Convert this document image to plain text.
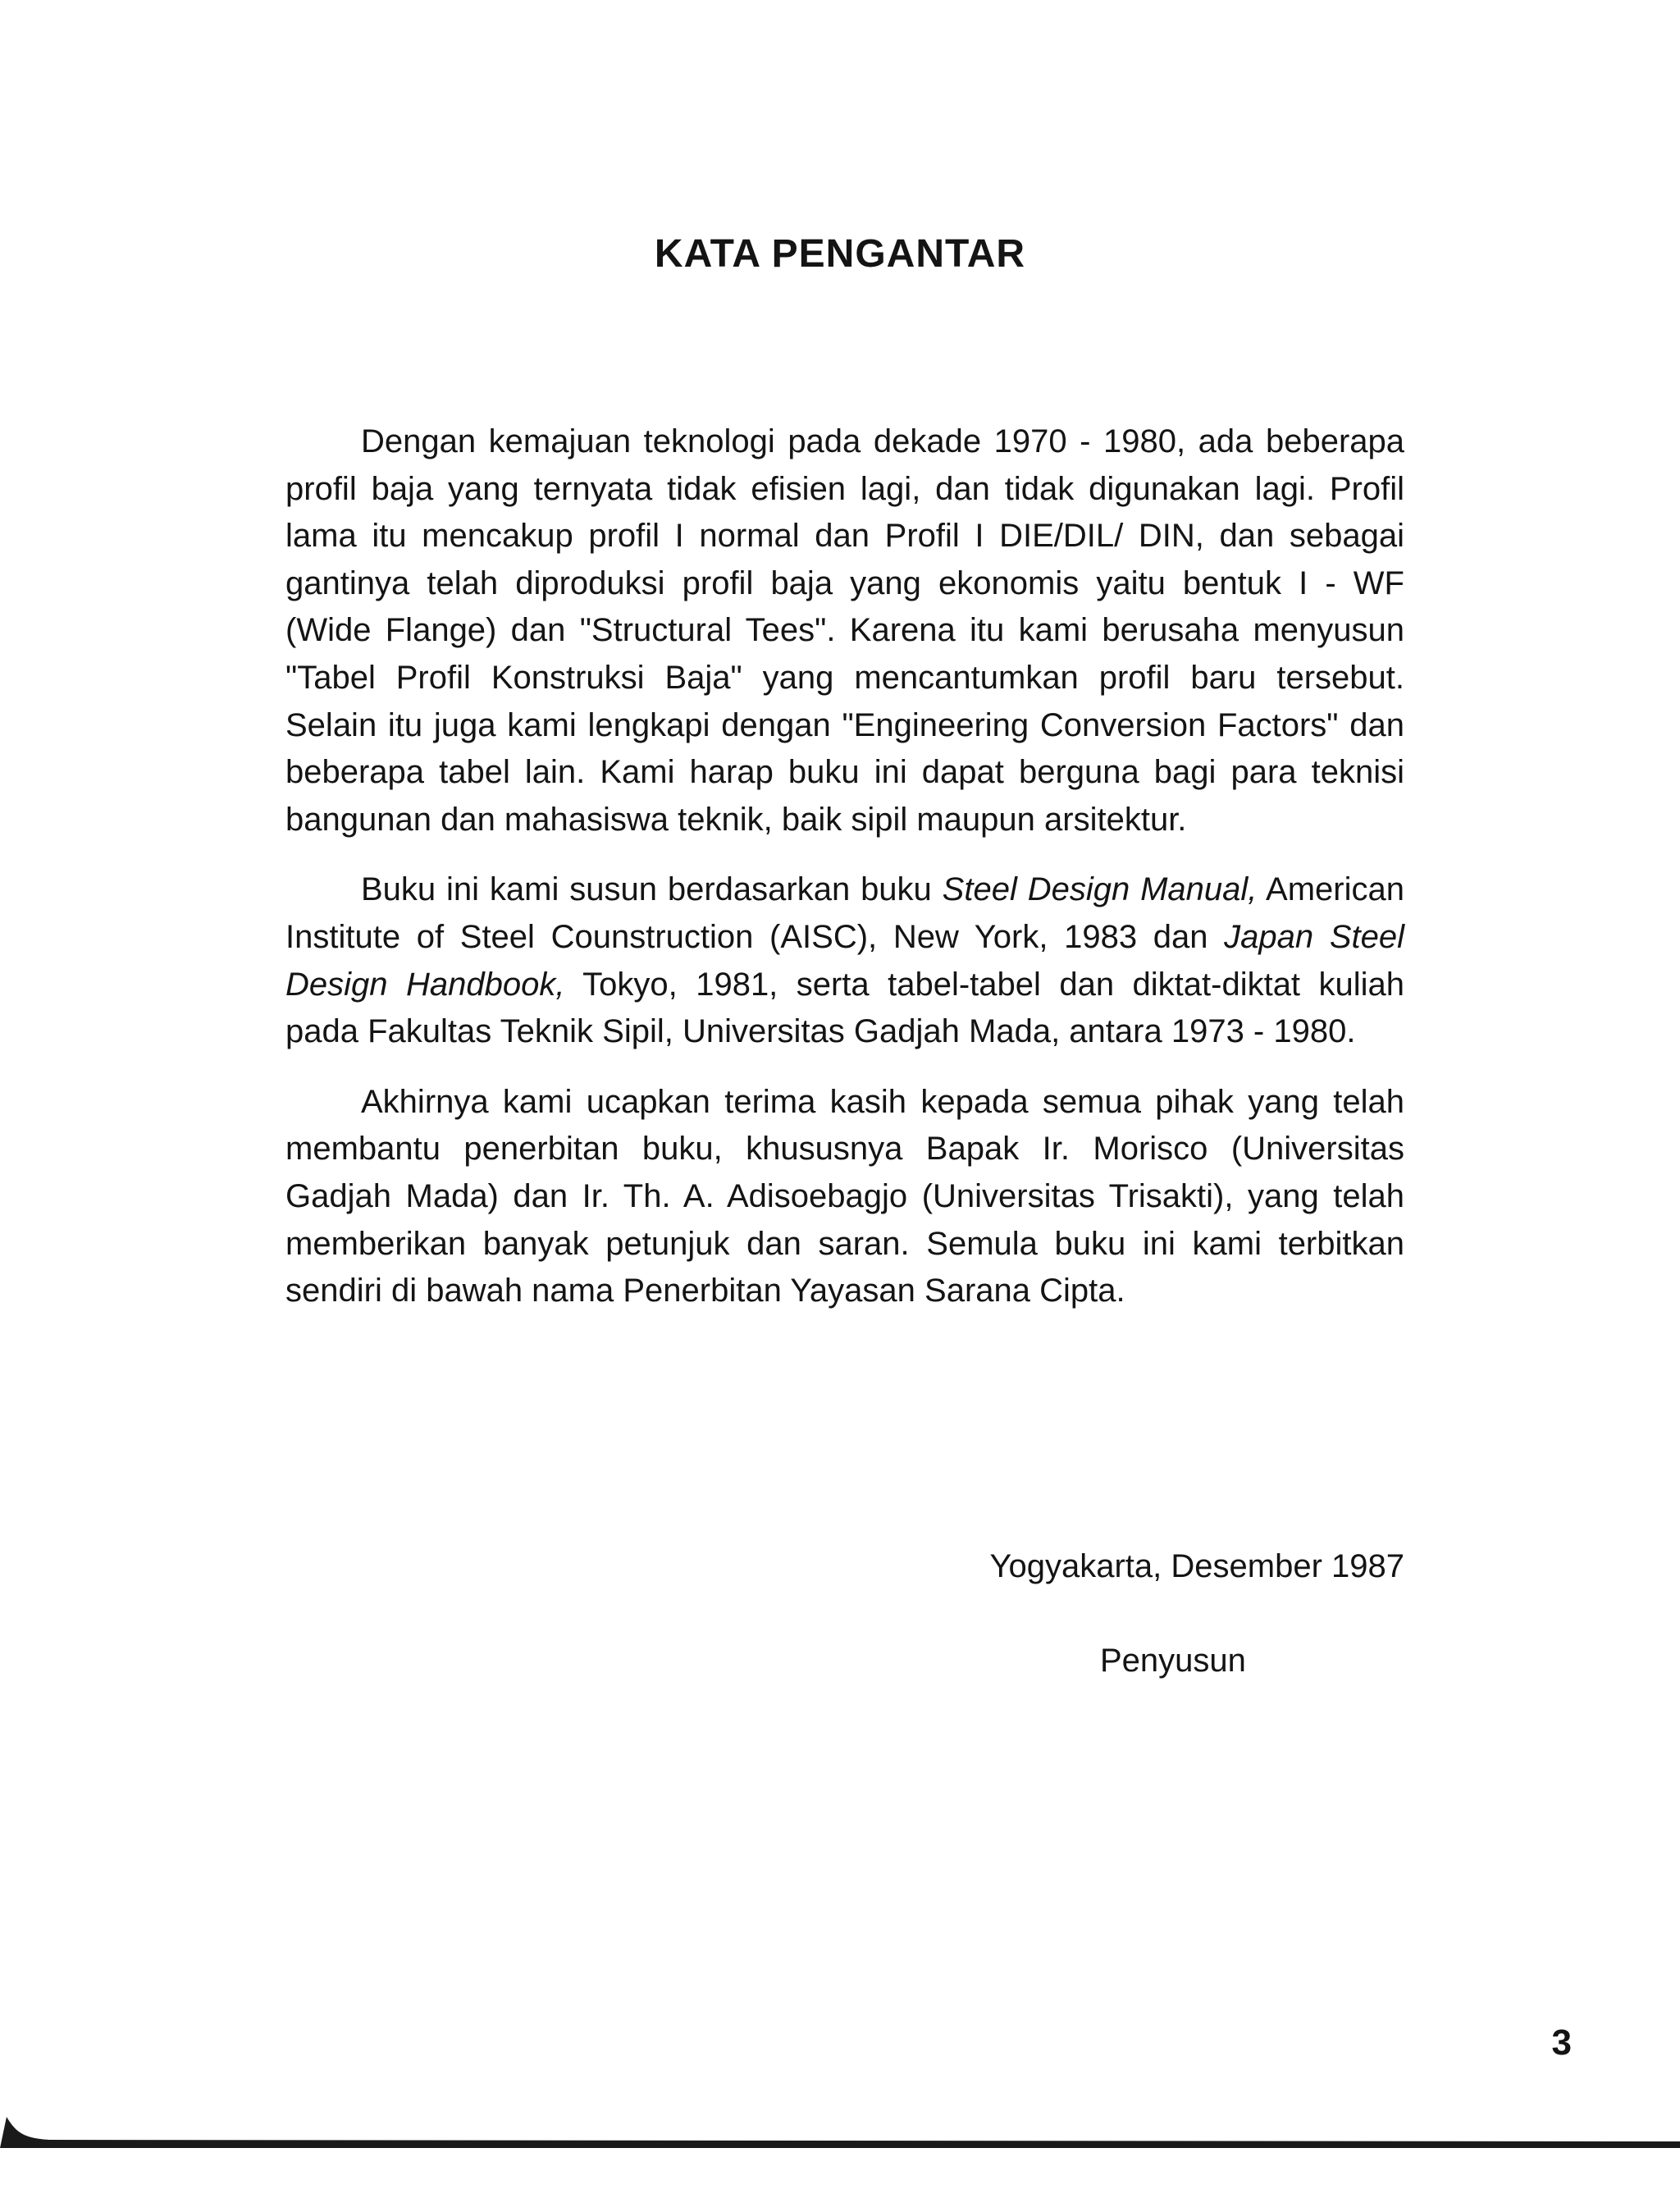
KATA PENGANTAR

Dengan kemajuan teknologi pada dekade 1970 - 1980, ada beberapa profil baja yang ternyata tidak efisien lagi, dan tidak digunakan lagi. Profil lama itu mencakup profil I normal dan Profil I DIE/DIL/ DIN, dan sebagai gantinya telah diproduksi profil baja yang ekonomis yaitu bentuk I - WF (Wide Flange) dan "Structural Tees". Karena itu kami berusaha menyusun "Tabel Profil Konstruksi Baja" yang mencantumkan profil baru tersebut. Selain itu juga kami lengkapi dengan "Engineering Conversion Factors" dan beberapa tabel lain. Kami harap buku ini dapat berguna bagi para teknisi bangunan dan mahasiswa teknik, baik sipil maupun arsitektur.

Buku ini kami susun berdasarkan buku Steel Design Manual, American Institute of Steel Counstruction (AISC), New York, 1983 dan Japan Steel Design Handbook, Tokyo, 1981, serta tabel-tabel dan diktat-diktat kuliah pada Fakultas Teknik Sipil, Universitas Gadjah Mada, antara 1973 - 1980.

Akhirnya kami ucapkan terima kasih kepada semua pihak yang telah membantu penerbitan buku, khususnya Bapak Ir. Morisco (Universitas Gadjah Mada) dan Ir. Th. A. Adisoebagjo (Universitas Trisakti), yang telah memberikan banyak petunjuk dan saran. Semula buku ini kami terbitkan sendiri di bawah nama Penerbitan Yayasan Sarana Cipta.

Yogyakarta, Desember 1987
Penyusun
3
